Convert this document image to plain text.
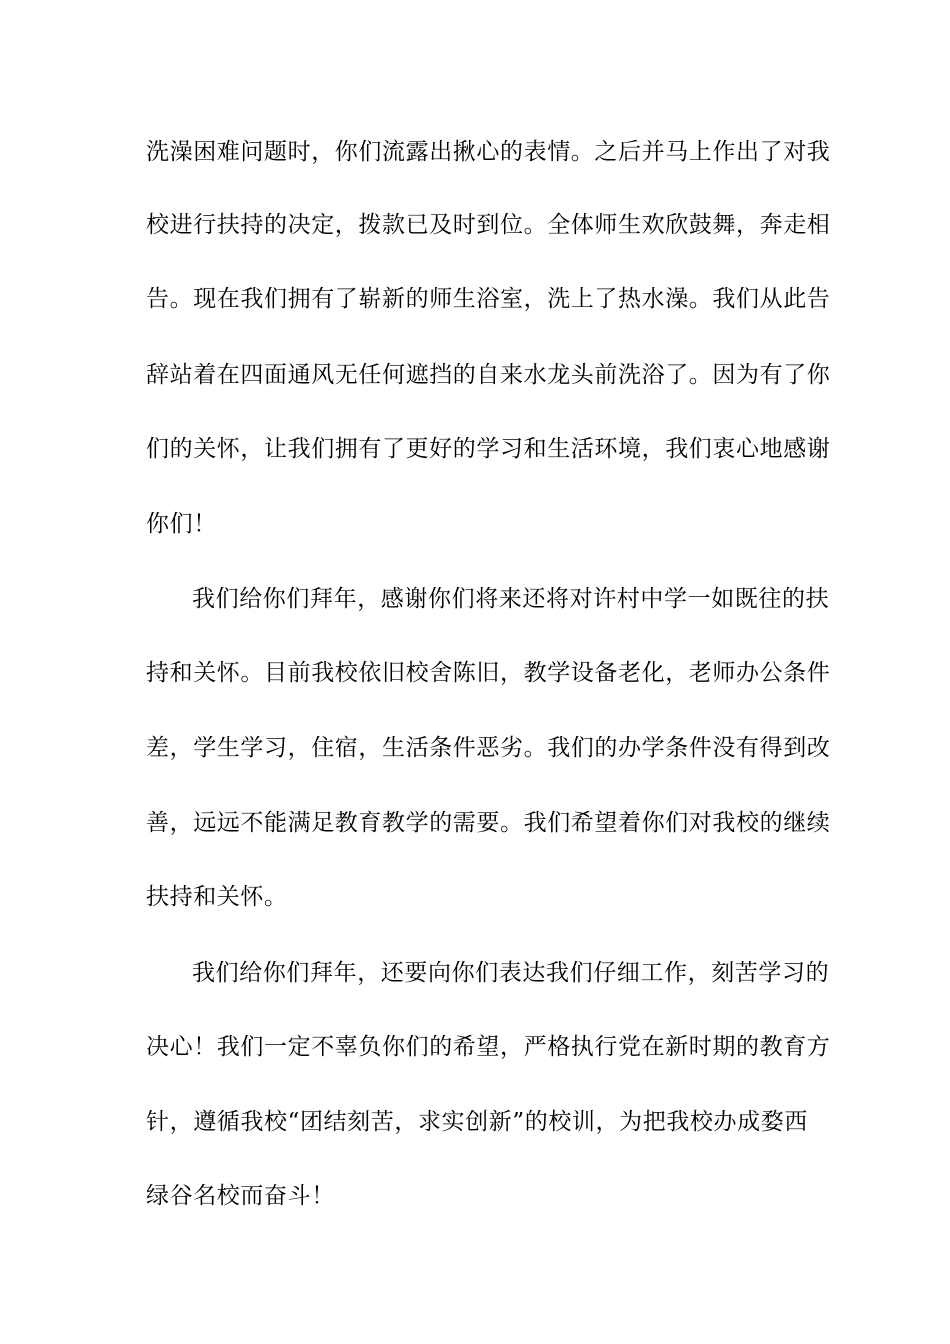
洗澡困难问题时，你们流露出揪心的表情。之后并马上作出了对我
校进行扶持的决定，拨款已及时到位。全体师生欢欣鼓舞，奔走相
告。现在我们拥有了崭新的师生浴室，洗上了热水澡。我们从此告
辞站着在四面通风无任何遮挡的自来水龙头前洗浴了。因为有了你
们的关怀，让我们拥有了更好的学习和生活环境，我们衷心地感谢
你们！
我们给你们拜年，感谢你们将来还将对许村中学一如既往的扶
持和关怀。目前我校依旧校舍陈旧，教学设备老化，老师办公条件
差，学生学习，住宿，生活条件恶劣。我们的办学条件没有得到改
善，远远不能满足教育教学的需要。我们希望着你们对我校的继续
扶持和关怀。
我们给你们拜年，还要向你们表达我们仔细工作，刻苦学习的
决心！我们一定不辜负你们的希望，严格执行党在新时期的教育方
针，遵循我校“团结刻苦，求实创新”的校训，为把我校办成婺西
绿谷名校而奋斗！
